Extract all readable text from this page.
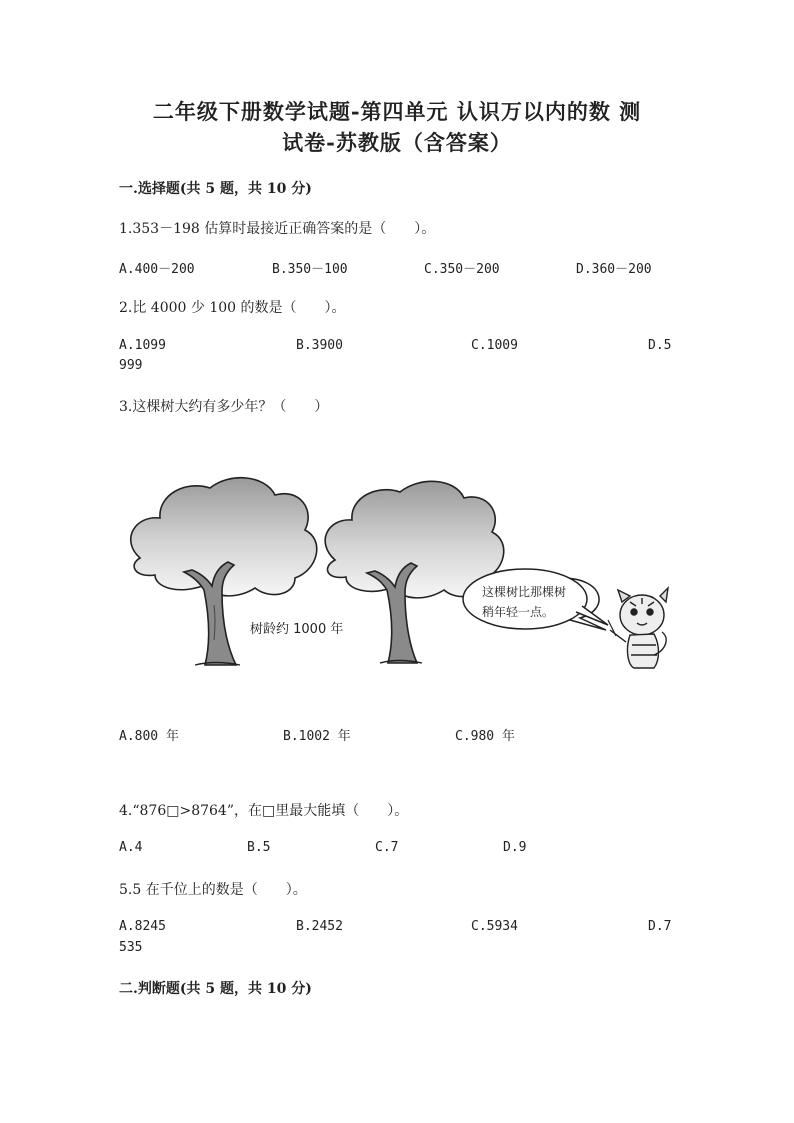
二年级下册数学试题-第四单元 认识万以内的数 测
试卷-苏教版（含答案）
一.选择题(共 5 题，共 10 分)
1.353－198 估算时最接近正确答案的是（　　）。
A.400－200	B.350－100	C.350－200	D.360－200
2.比 4000 少 100 的数是（　　）。
A.1099	B.3900	C.1009	D.5
999
3.这棵树大约有多少年？（　　）
树龄约 1000 年
这棵树比那棵树
稍年轻一点。
A.800 年	B.1002 年	C.980 年
4.“876□>8764”，在□里最大能填（　　）。
A.4	B.5	C.7	D.9
5.5 在千位上的数是（　　）。
A.8245	B.2452	C.5934	D.7
535
二.判断题(共 5 题，共 10 分)
